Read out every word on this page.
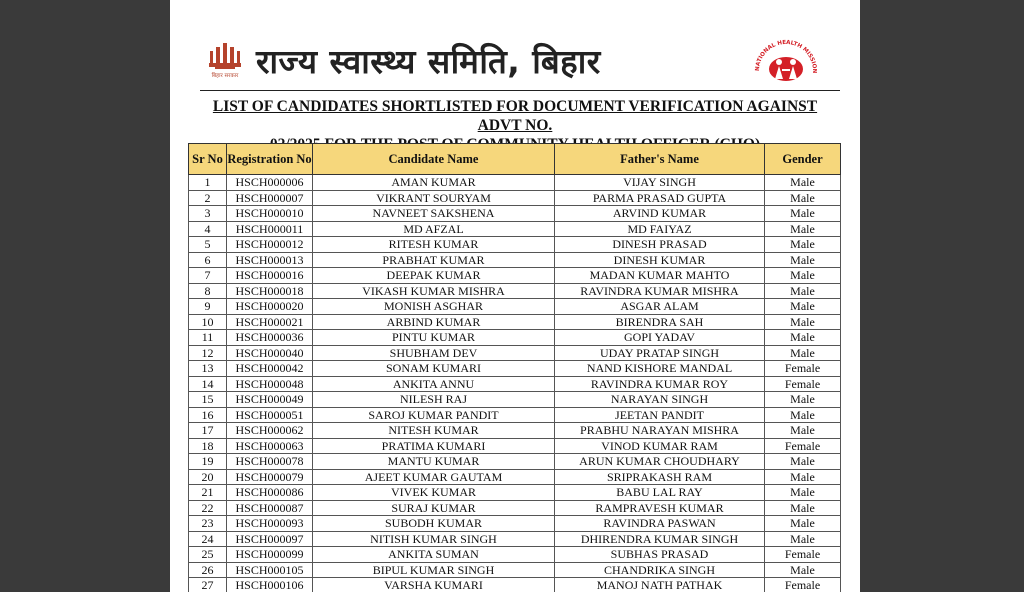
बिहार सरकार राज्य स्वास्थ्य समिति, बिहार	NATIONAL HEALTH MISSION
LIST OF CANDIDATES SHORTLISTED FOR DOCUMENT VERIFICATION AGAINST ADVT NO.
Sr No	Registration No	Candidate Name	Father's Name	Gender
1	HSCH000006	AMAN KUMAR	VIJAY SINGH	Male
2	HSCH000007	VIKRANT SOURYAM	PARMA PRASAD GUPTA	Male
3	HSCH000010	NAVNEET SAKSHENA	ARVIND KUMAR	Male
4	HSCH000011	MD AFZAL	MD FAIYAZ	Male
5	HSCH000012	RITESH KUMAR	DINESH PRASAD	Male
6	HSCH000013	PRABHAT KUMAR	DINESH KUMAR	Male
7	HSCH000016	DEEPAK KUMAR	MADAN KUMAR MAHTO	Male
8	HSCH000018	VIKASH KUMAR MISHRA	RAVINDRA KUMAR MISHRA	Male
9	HSCH000020	MONISH ASGHAR	ASGAR ALAM	Male
10	HSCH000021	ARBIND KUMAR	BIRENDRA SAH	Male
11	HSCH000036	PINTU KUMAR	GOPI YADAV	Male
12	HSCH000040	SHUBHAM DEV	UDAY PRATAP SINGH	Male
13	HSCH000042	SONAM KUMARI	NAND KISHORE MANDAL	Female
14	HSCH000048	ANKITA ANNU	RAVINDRA KUMAR ROY	Female
15	HSCH000049	NILESH RAJ	NARAYAN SINGH	Male
16	HSCH000051	SAROJ KUMAR PANDIT	JEETAN PANDIT	Male
17	HSCH000062	NITESH KUMAR	PRABHU NARAYAN MISHRA	Male
18	HSCH000063	PRATIMA KUMARI	VINOD KUMAR RAM	Female
19	HSCH000078	MANTU KUMAR	ARUN KUMAR CHOUDHARY	Male
20	HSCH000079	AJEET KUMAR GAUTAM	SRIPRAKASH RAM	Male
21	HSCH000086	VIVEK KUMAR	BABU LAL RAY	Male
22	HSCH000087	SURAJ KUMAR	RAMPRAVESH KUMAR	Male
23	HSCH000093	SUBODH KUMAR	RAVINDRA PASWAN	Male
24	HSCH000097	NITISH KUMAR SINGH	DHIRENDRA KUMAR SINGH	Male
25	HSCH000099	ANKITA SUMAN	SUBHAS PRASAD	Female
26	HSCH000105	BIPUL KUMAR SINGH	CHANDRIKA SINGH	Male
27	HSCH000106	VARSHA KUMARI	MANOJ NATH PATHAK	Female
